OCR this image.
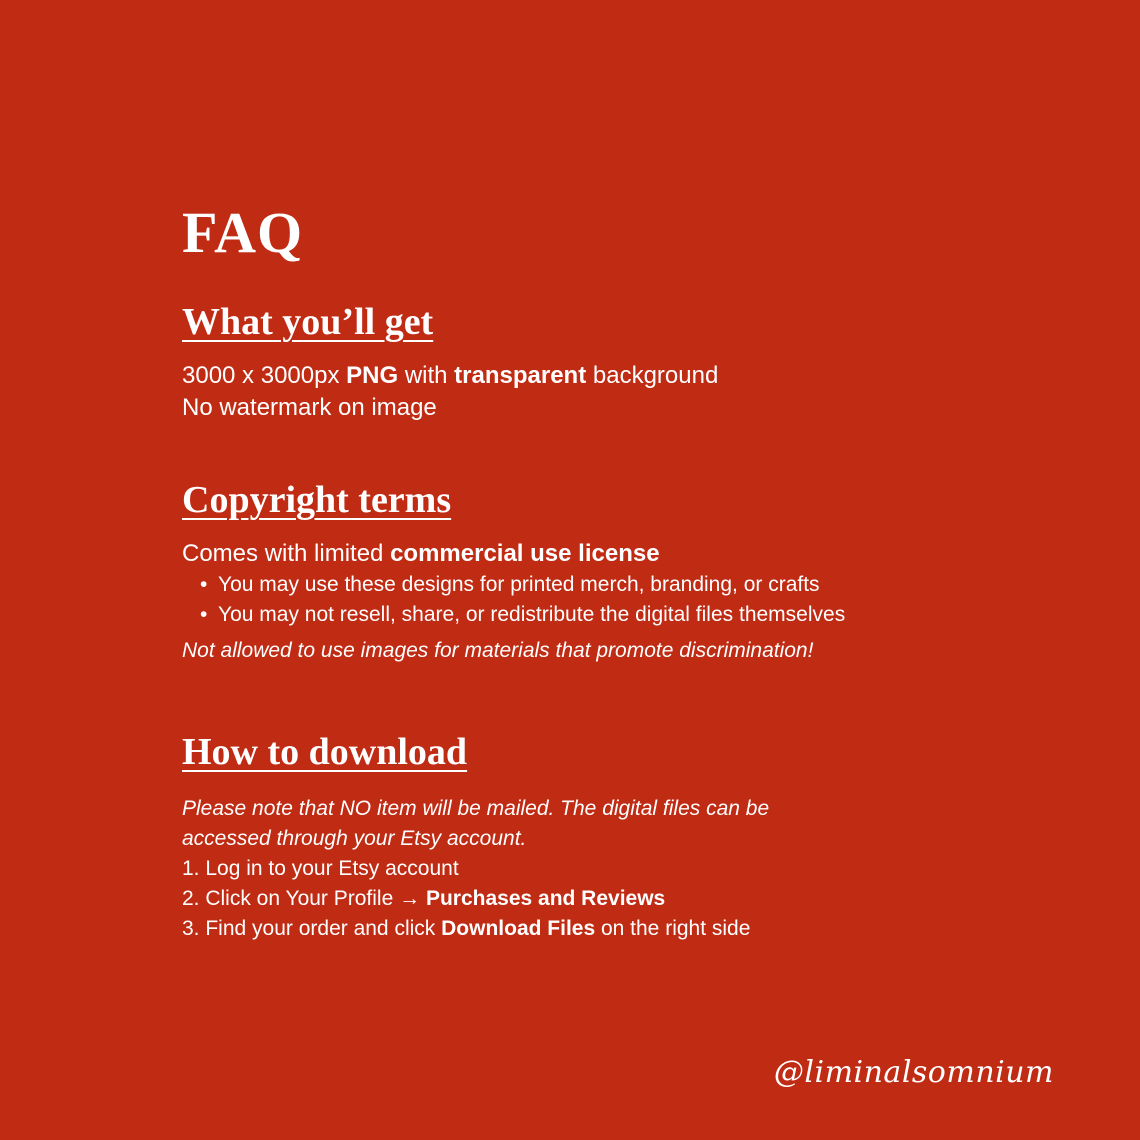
FAQ
What you’ll get

3000 x 3000px PNG with transparent background

No watermark on image

Copyright terms

Comes with limited commercial use license

• You may use these designs for printed merch, branding, or crafts
• You may not resell, share, or redistribute the digital files themselves

Not allowed to use images for materials that promote discrimination!

How to download

Please note that NO item will be mailed. The digital files can be

accessed through your Etsy account.

1. Log in to your Etsy account

2. Click on Your Profile → Purchases and Reviews

3. Find your order and click Download Files on the right side

@liminalsomnium
